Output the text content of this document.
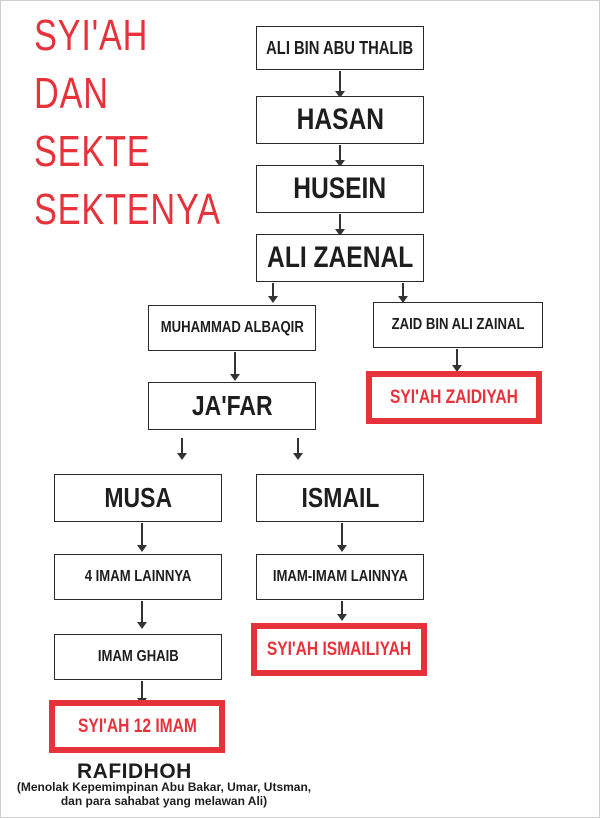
SYI'AH
DAN
SEKTE
SEKTENYA
ALI BIN ABU THALIB
HASAN
HUSEIN
ALI ZAENAL
MUHAMMAD ALBAQIR	ZAID BIN ALI ZAINAL
SYI'AH ZAIDIYAH
JA'FAR
MUSA	ISMAIL
4 IMAM LAINNYA	IMAM-IMAM LAINNYA
IMAM GHAIB	SYI'AH ISMAILIYAH
SYI'AH 12 IMAM
RAFIDHOH
(Menolak Kepemimpinan Abu Bakar, Umar, Utsman, dan para sahabat yang melawan Ali)
